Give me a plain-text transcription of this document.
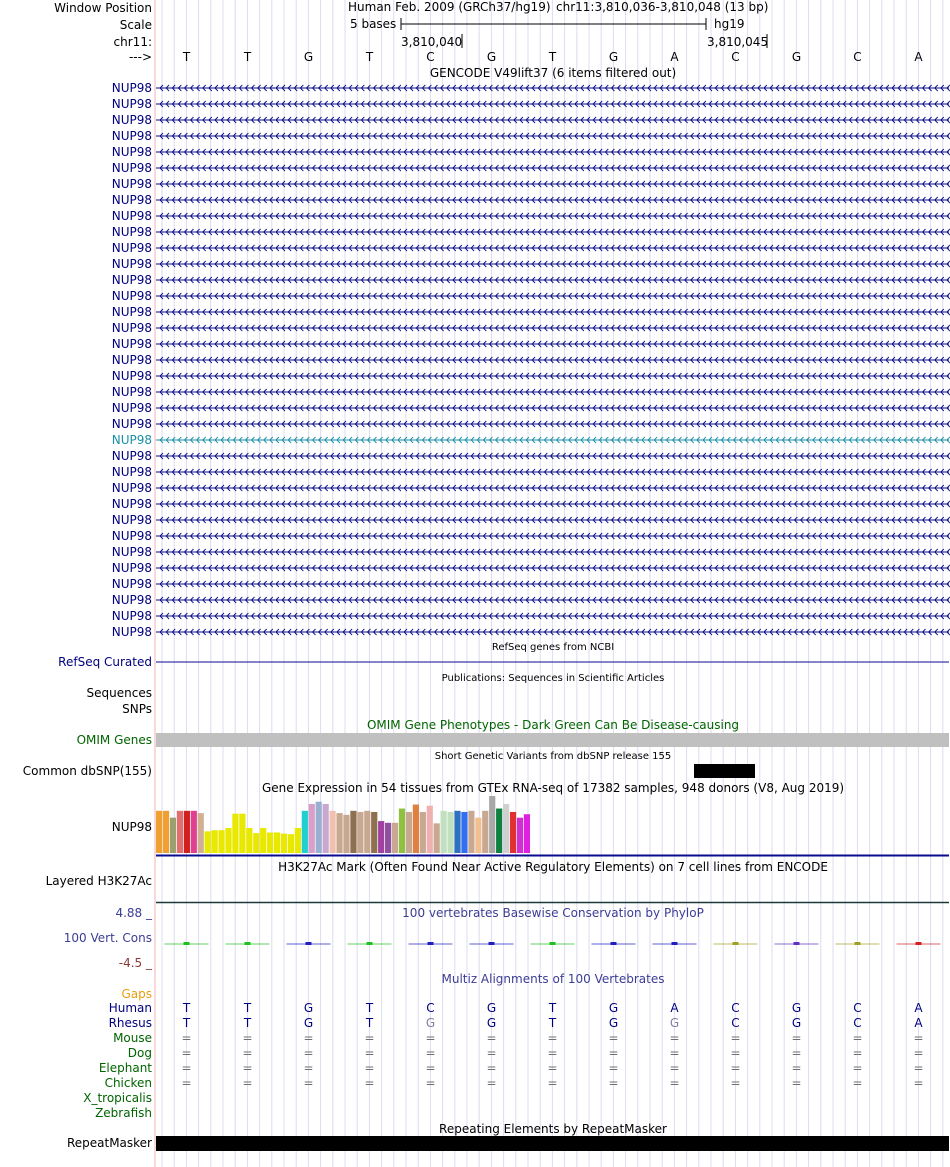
Window Position
Scale
chr11:
--->
Human Feb. 2009 (GRCh37/hg19) chr11:3,810,036-3,810,048 (13 bp)
5 bases	hg19
3,810,040	3,810,045
T	T	G	T	C	G	T	G	A	C	G	C	A
GENCODE V49lift37 (6 items filtered out)
NUP98
NUP98
NUP98
NUP98
NUP98
NUP98
NUP98
NUP98
NUP98
NUP98
NUP98
NUP98
NUP98
NUP98
NUP98
NUP98
NUP98
NUP98
NUP98
NUP98
NUP98
NUP98
NUP98
NUP98
NUP98
NUP98
NUP98
NUP98
NUP98
NUP98
NUP98
NUP98
NUP98
NUP98
NUP98
RefSeq genes from NCBI
RefSeq Curated
Publications: Sequences in Scientific Articles
Sequences
SNPs
OMIM Gene Phenotypes - Dark Green Can Be Disease-causing
OMIM Genes
Short Genetic Variants from dbSNP release 155
Common dbSNP(155)
Gene Expression in 54 tissues from GTEx RNA-seq of 17382 samples, 948 donors (V8, Aug 2019)
NUP98
H3K27Ac Mark (Often Found Near Active Regulatory Elements) on 7 cell lines from ENCODE
Layered H3K27Ac
100 vertebrates Basewise Conservation by PhyloP
4.88 _
100 Vert. Cons
-4.5 _
Multiz Alignments of 100 Vertebrates
Gaps
Human	T	T	G	T	C	G	T	G	A	C	G	C	A
Rhesus	T	T	G	T	G	G	T	G	G	C	G	C	A
Mouse	=	=	=	=	=	=	=	=	=	=	=	=	=
Dog	=	=	=	=	=	=	=	=	=	=	=	=	=
Elephant	=	=	=	=	=	=	=	=	=	=	=	=	=
Chicken	=	=	=	=	=	=	=	=	=	=	=	=	=
X_tropicalis
Zebrafish
Repeating Elements by RepeatMasker
RepeatMasker
